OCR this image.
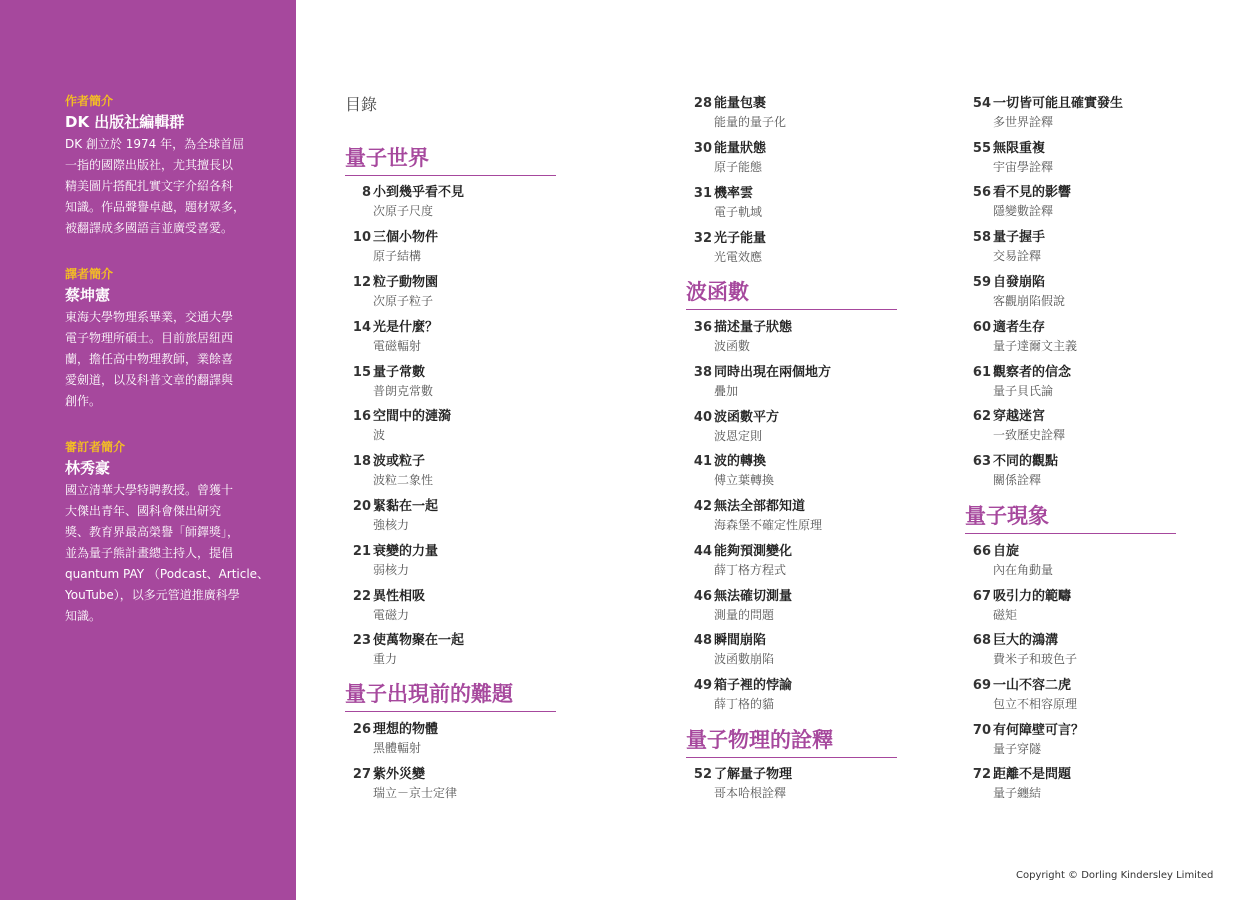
作者簡介
DK 出版社編輯群
DK 創立於 1974 年，為全球首屈
一指的國際出版社，尤其擅長以
精美圖片搭配扎實文字介紹各科
知識。作品聲譽卓越，題材眾多，
被翻譯成多國語言並廣受喜愛。
譯者簡介
蔡坤憲
東海大學物理系畢業，交通大學
電子物理所碩士。目前旅居紐西
蘭，擔任高中物理教師，業餘喜
愛劍道，以及科普文章的翻譯與
創作。
審訂者簡介
林秀豪
國立清華大學特聘教授。曾獲十
大傑出青年、國科會傑出研究
獎、教育界最高榮譽「師鐸獎」，
並為量子熊計畫總主持人，提倡
quantum PAY （Podcast、Article、
YouTube），以多元管道推廣科學
知識。
目錄
量子世界
8 小到幾乎看不見
次原子尺度
10 三個小物件
原子結構
12 粒子動物園
次原子粒子
14 光是什麼？
電磁輻射
15 量子常數
普朗克常數
16 空間中的漣漪
波
18 波或粒子
波粒二象性
20 緊黏在一起
強核力
21 衰變的力量
弱核力
22 異性相吸
電磁力
23 使萬物聚在一起
重力
量子出現前的難題
26 理想的物體
黑體輻射
27 紫外災變
瑞立－京士定律
28 能量包裹
能量的量子化
30 能量狀態
原子能態
31 機率雲
電子軌域
32 光子能量
光電效應
波函數
36 描述量子狀態
波函數
38 同時出現在兩個地方
疊加
40 波函數平方
波恩定則
41 波的轉換
傅立葉轉換
42 無法全部都知道
海森堡不確定性原理
44 能夠預測變化
薛丁格方程式
46 無法確切測量
測量的問題
48 瞬間崩陷
波函數崩陷
49 箱子裡的悖論
薛丁格的貓
量子物理的詮釋
52 了解量子物理
哥本哈根詮釋
54 一切皆可能且確實發生
多世界詮釋
55 無限重複
宇宙學詮釋
56 看不見的影響
隱變數詮釋
58 量子握手
交易詮釋
59 自發崩陷
客觀崩陷假說
60 適者生存
量子達爾文主義
61 觀察者的信念
量子貝氏論
62 穿越迷宮
一致歷史詮釋
63 不同的觀點
關係詮釋
量子現象
66 自旋
內在角動量
67 吸引力的範疇
磁矩
68 巨大的鴻溝
費米子和玻色子
69 一山不容二虎
包立不相容原理
70 有何障壁可言？
量子穿隧
72 距離不是問題
量子纏結
Copyright © Dorling Kindersley Limited
